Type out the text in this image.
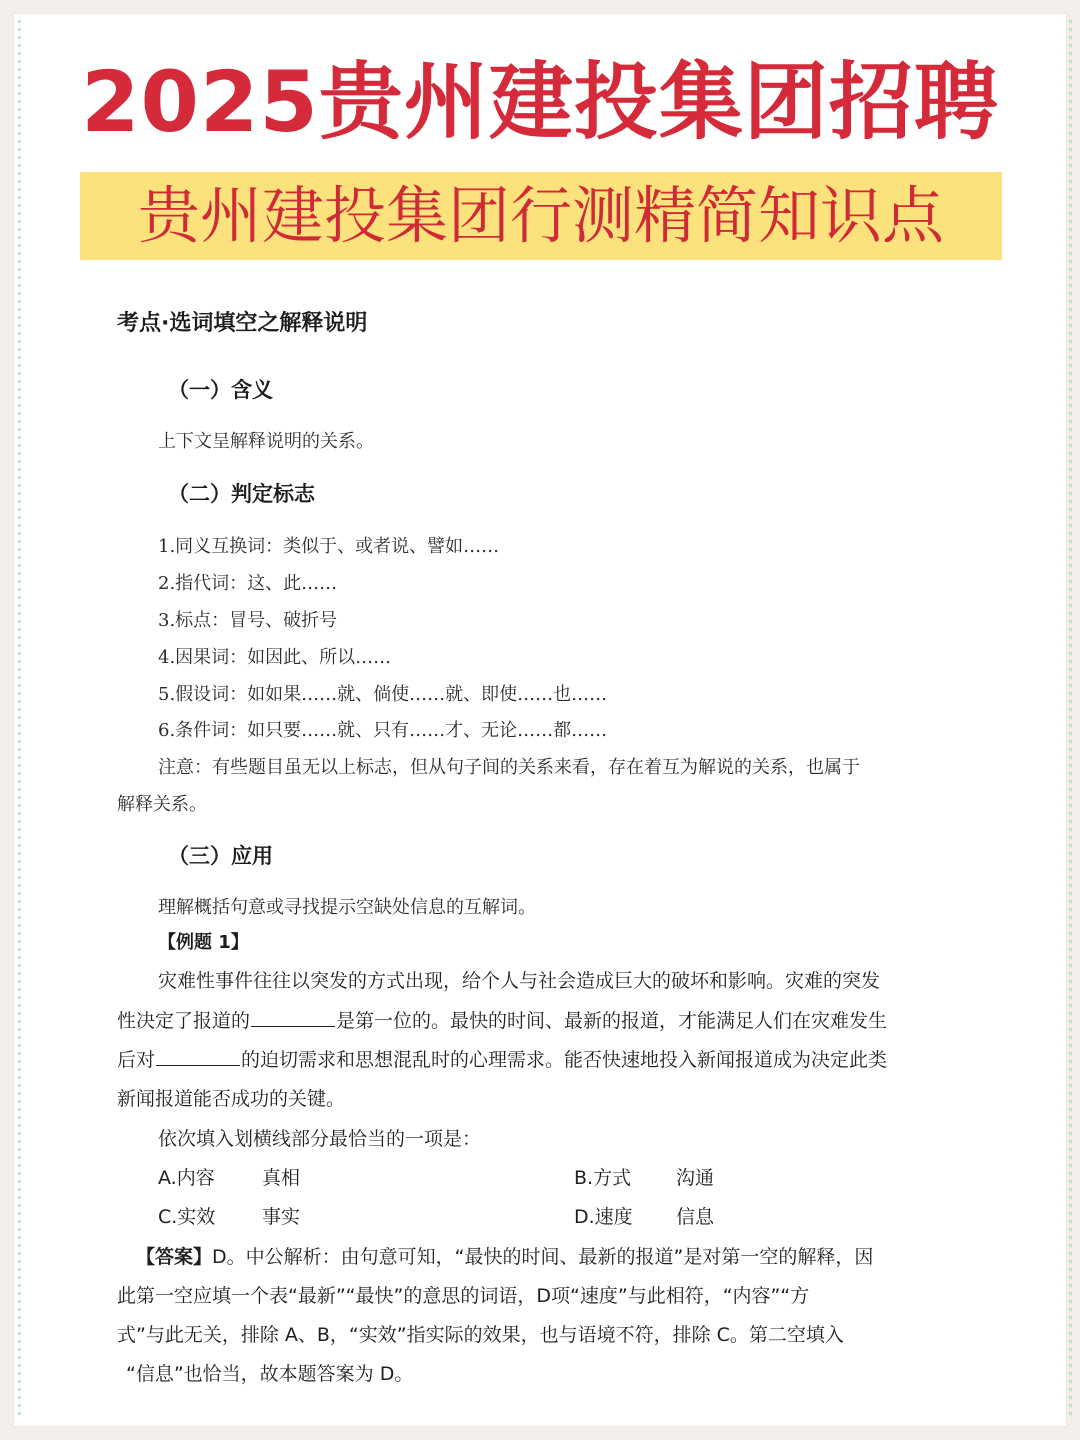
2025贵州建投集团招聘
贵州建投集团行测精简知识点
考点·选词填空之解释说明
（一）含义
上下文呈解释说明的关系。
（二）判定标志
1.同义互换词：类似于、或者说、譬如……
2.指代词：这、此……
3.标点：冒号、破折号
4.因果词：如因此、所以……
5.假设词：如如果……就、倘使……就、即使……也……
6.条件词：如只要……就、只有……才、无论……都……
注意：有些题目虽无以上标志，但从句子间的关系来看，存在着互为解说的关系，也属于
解释关系。
（三）应用
理解概括句意或寻找提示空缺处信息的互解词。
【例题 1】
灾难性事件往往以突发的方式出现，给个人与社会造成巨大的破坏和影响。灾难的突发
性决定了报道的	是第一位的。最快的时间、最新的报道，才能满足人们在灾难发生
后对	的迫切需求和思想混乱时的心理需求。能否快速地投入新闻报道成为决定此类
新闻报道能否成功的关键。
依次填入划横线部分最恰当的一项是：
A.内容 真相	B.方式 沟通
C.实效 事实	D.速度 信息
【答案】D。中公解析：由句意可知，“最快的时间、最新的报道”是对第一空的解释，因
此第一空应填一个表“最新”“最快”的意思的词语，D项“速度”与此相符，“内容”“方
式”与此无关，排除 A、B，“实效”指实际的效果，也与语境不符，排除 C。第二空填入
“信息”也恰当，故本题答案为 D。
